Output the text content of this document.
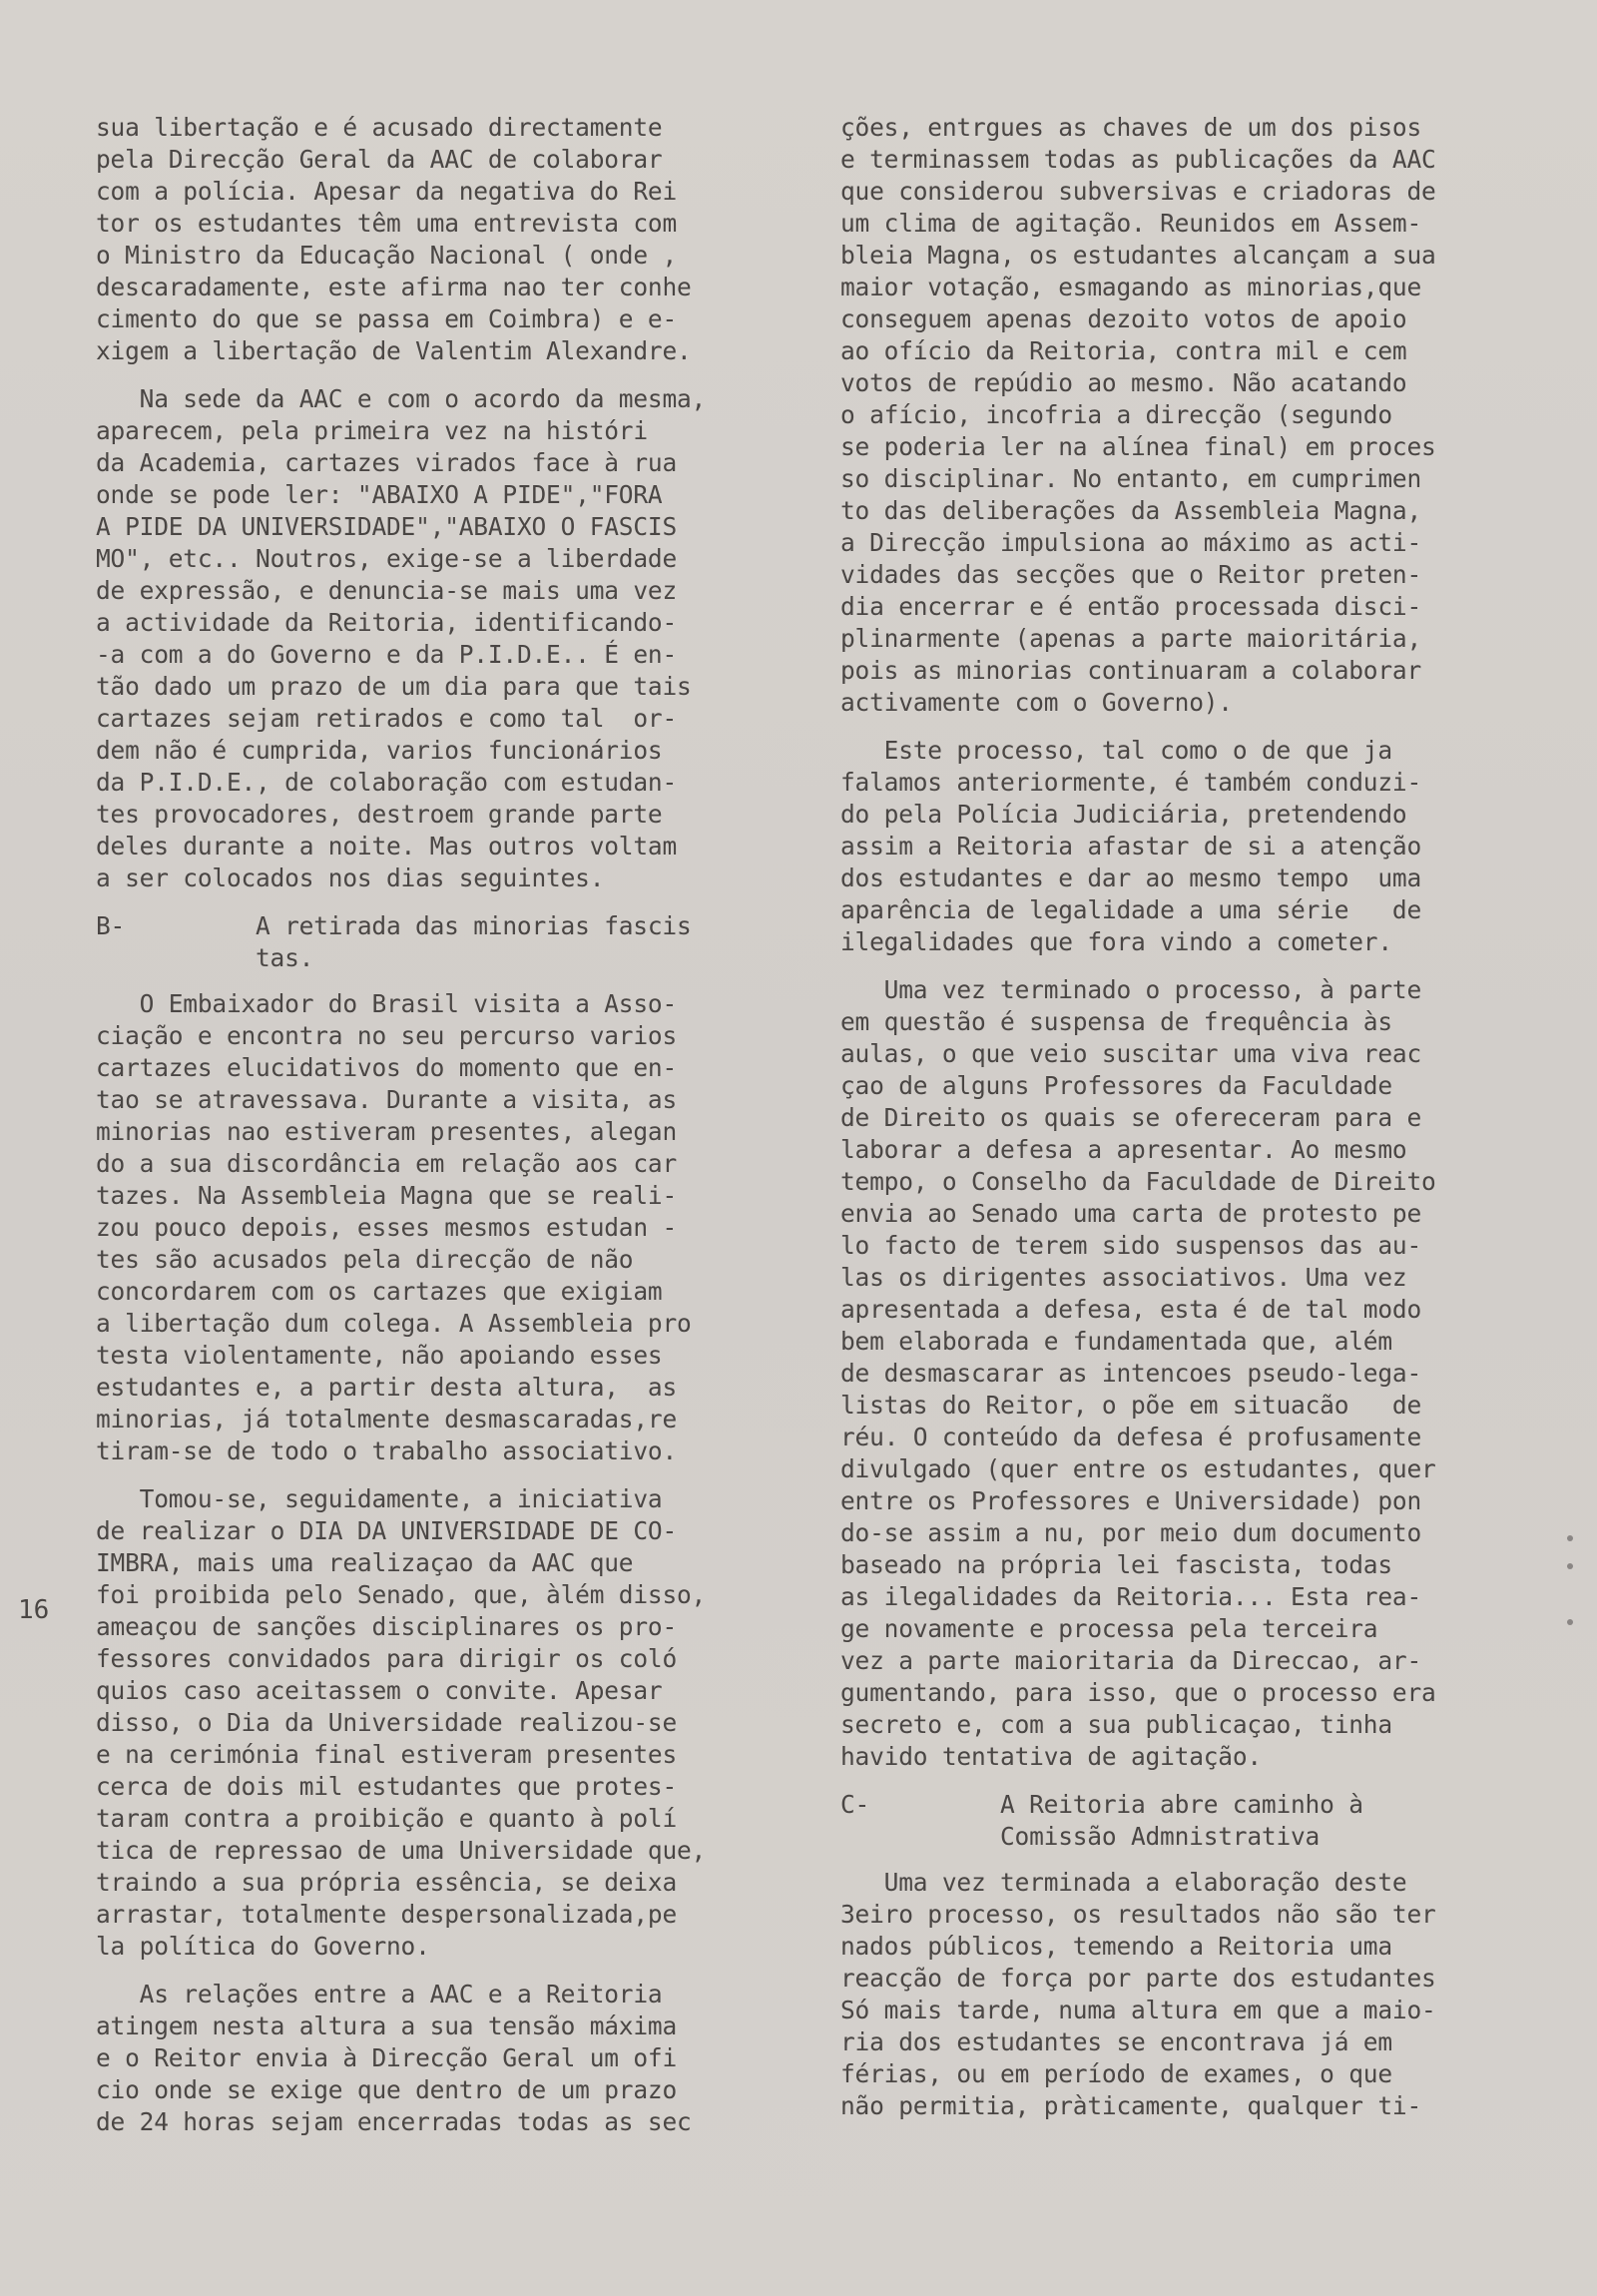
sua libertação e é acusado directamente
pela Direcção Geral da AAC de colaborar
com a polícia. Apesar da negativa do Rei
tor os estudantes têm uma entrevista com
o Ministro da Educação Nacional ( onde ,
descaradamente, este afirma nao ter conhe
cimento do que se passa em Coimbra) e e-
xigem a libertação de Valentim Alexandre.

Na sede da AAC e com o acordo da mesma,
aparecem, pela primeira vez na históri
da Academia, cartazes virados face à rua
onde se pode ler: "ABAIXO A PIDE","FORA
A PIDE DA UNIVERSIDADE","ABAIXO O FASCIS
MO", etc.. Noutros, exige-se a liberdade
de expressão, e denuncia-se mais uma vez
a actividade da Reitoria, identificando-
-a com a do Governo e da P.I.D.E.. É en-
tão dado um prazo de um dia para que tais
cartazes sejam retirados e como tal  or-
dem não é cumprida, varios funcionários
da P.I.D.E., de colaboração com estudan-
tes provocadores, destroem grande parte
deles durante a noite. Mas outros voltam
a ser colocados nos dias seguintes.

B-	A retirada das minorias fascis
tas.

O Embaixador do Brasil visita a Asso-
ciação e encontra no seu percurso varios
cartazes elucidativos do momento que en-
tao se atravessava. Durante a visita, as
minorias nao estiveram presentes, alegan
do a sua discordância em relação aos car
tazes. Na Assembleia Magna que se reali-
zou pouco depois, esses mesmos estudan -
tes são acusados pela direcção de não
concordarem com os cartazes que exigiam
a libertação dum colega. A Assembleia pro
testa violentamente, não apoiando esses
estudantes e, a partir desta altura,  as
minorias, já totalmente desmascaradas,re
tiram-se de todo o trabalho associativo.

Tomou-se, seguidamente, a iniciativa
de realizar o DIA DA UNIVERSIDADE DE CO-
IMBRA, mais uma realizaçao da AAC que
foi proibida pelo Senado, que, àlém disso,
ameaçou de sanções disciplinares os pro-
fessores convidados para dirigir os coló
quios caso aceitassem o convite. Apesar
disso, o Dia da Universidade realizou-se
e na cerimónia final estiveram presentes
cerca de dois mil estudantes que protes-
taram contra a proibição e quanto à polí
tica de repressao de uma Universidade que,
traindo a sua própria essência, se deixa
arrastar, totalmente despersonalizada,pe
la política do Governo.

As relações entre a AAC e a Reitoria
atingem nesta altura a sua tensão máxima
e o Reitor envia à Direcção Geral um ofi
cio onde se exige que dentro de um prazo
de 24 horas sejam encerradas todas as sec

ções, entrgues as chaves de um dos pisos
e terminassem todas as publicações da AAC
que considerou subversivas e criadoras de
um clima de agitação. Reunidos em Assem-
bleia Magna, os estudantes alcançam a sua
maior votação, esmagando as minorias,que
conseguem apenas dezoito votos de apoio
ao ofício da Reitoria, contra mil e cem
votos de repúdio ao mesmo. Não acatando
o afício, incofria a direcção (segundo
se poderia ler na alínea final) em proces
so disciplinar. No entanto, em cumprimen
to das deliberações da Assembleia Magna,
a Direcção impulsiona ao máximo as acti-
vidades das secções que o Reitor preten-
dia encerrar e é então processada disci-
plinarmente (apenas a parte maioritária,
pois as minorias continuaram a colaborar
activamente com o Governo).

Este processo, tal como o de que ja
falamos anteriormente, é também conduzi-
do pela Polícia Judiciária, pretendendo
assim a Reitoria afastar de si a atenção
dos estudantes e dar ao mesmo tempo  uma
aparência de legalidade a uma série   de
ilegalidades que fora vindo a cometer.

Uma vez terminado o processo, à parte
em questão é suspensa de frequência às
aulas, o que veio suscitar uma viva reac
çao de alguns Professores da Faculdade
de Direito os quais se ofereceram para e
laborar a defesa a apresentar. Ao mesmo
tempo, o Conselho da Faculdade de Direito
envia ao Senado uma carta de protesto pe
lo facto de terem sido suspensos das au-
las os dirigentes associativos. Uma vez
apresentada a defesa, esta é de tal modo
bem elaborada e fundamentada que, além
de desmascarar as intencoes pseudo-lega-
listas do Reitor, o põe em situacão   de
réu. O conteúdo da defesa é profusamente
divulgado (quer entre os estudantes, quer
entre os Professores e Universidade) pon
do-se assim a nu, por meio dum documento
baseado na própria lei fascista, todas
as ilegalidades da Reitoria... Esta rea-
ge novamente e processa pela terceira
vez a parte maioritaria da Direccao, ar-
gumentando, para isso, que o processo era
secreto e, com a sua publicaçao, tinha
havido tentativa de agitação.

C-	A Reitoria abre caminho à
Comissão Admnistrativa

Uma vez terminada a elaboração deste
3eiro processo, os resultados não são ter
nados públicos, temendo a Reitoria uma
reacção de força por parte dos estudantes
Só mais tarde, numa altura em que a maio-
ria dos estudantes se encontrava já em
férias, ou em período de exames, o que
não permitia, pràticamente, qualquer ti-

16
